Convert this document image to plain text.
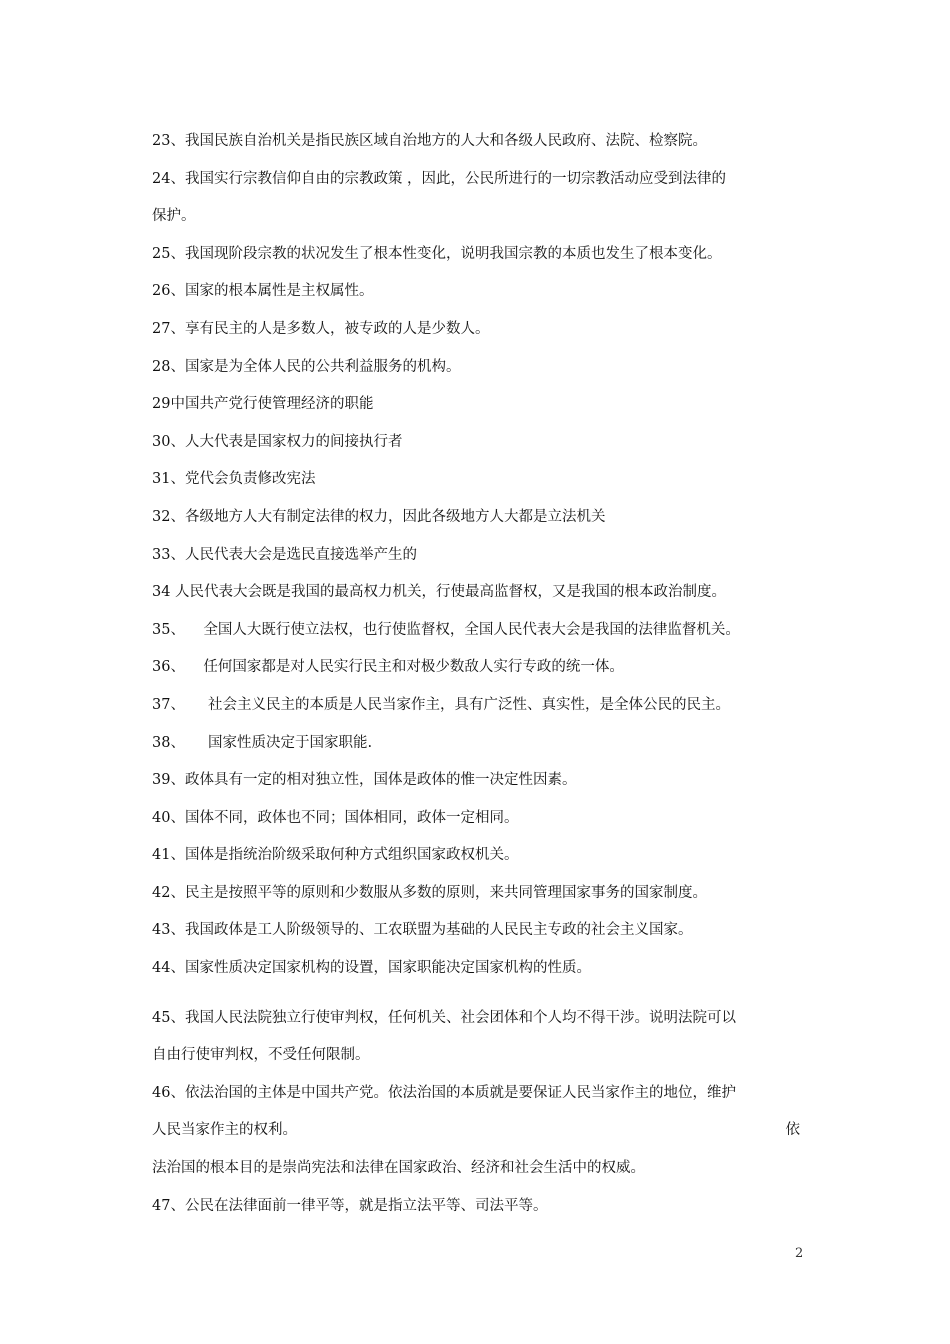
23、我国民族自治机关是指民族区域自治地方的人大和各级人民政府、法院、检察院。

24、我国实行宗教信仰自由的宗教政策 ，因此，公民所进行的一切宗教活动应受到法律的

保护。

25、我国现阶段宗教的状况发生了根本性变化，说明我国宗教的本质也发生了根本变化。

26、国家的根本属性是主权属性。

27、享有民主的人是多数人，被专政的人是少数人。

28、国家是为全体人民的公共利益服务的机构。

29中国共产党行使管理经济的职能

30、人大代表是国家权力的间接执行者

31、党代会负责修改宪法

32、各级地方人大有制定法律的权力，因此各级地方人大都是立法机关

33、人民代表大会是选民直接选举产生的

34 人民代表大会既是我国的最高权力机关，行使最高监督权，又是我国的根本政治制度。

35、    全国人大既行使立法权，也行使监督权，全国人民代表大会是我国的法律监督机关。

36、    任何国家都是对人民实行民主和对极少数敌人实行专政的统一体。

37、     社会主义民主的本质是人民当家作主，具有广泛性、真实性，是全体公民的民主。

38、     国家性质决定于国家职能.

39、政体具有一定的相对独立性，国体是政体的惟一决定性因素。

40、国体不同，政体也不同；国体相同，政体一定相同。

41、国体是指统治阶级采取何种方式组织国家政权机关。

42、民主是按照平等的原则和少数服从多数的原则，来共同管理国家事务的国家制度。

43、我国政体是工人阶级领导的、工农联盟为基础的人民民主专政的社会主义国家。

44、国家性质决定国家机构的设置，国家职能决定国家机构的性质。

45、我国人民法院独立行使审判权，任何机关、社会团体和个人均不得干涉。说明法院可以

自由行使审判权，不受任何限制。

46、依法治国的主体是中国共产党。依法治国的本质就是要保证人民当家作主的地位，维护

人民当家作主的权利。	依

法治国的根本目的是崇尚宪法和法律在国家政治、经济和社会生活中的权威。

47、公民在法律面前一律平等，就是指立法平等、司法平等。

2
